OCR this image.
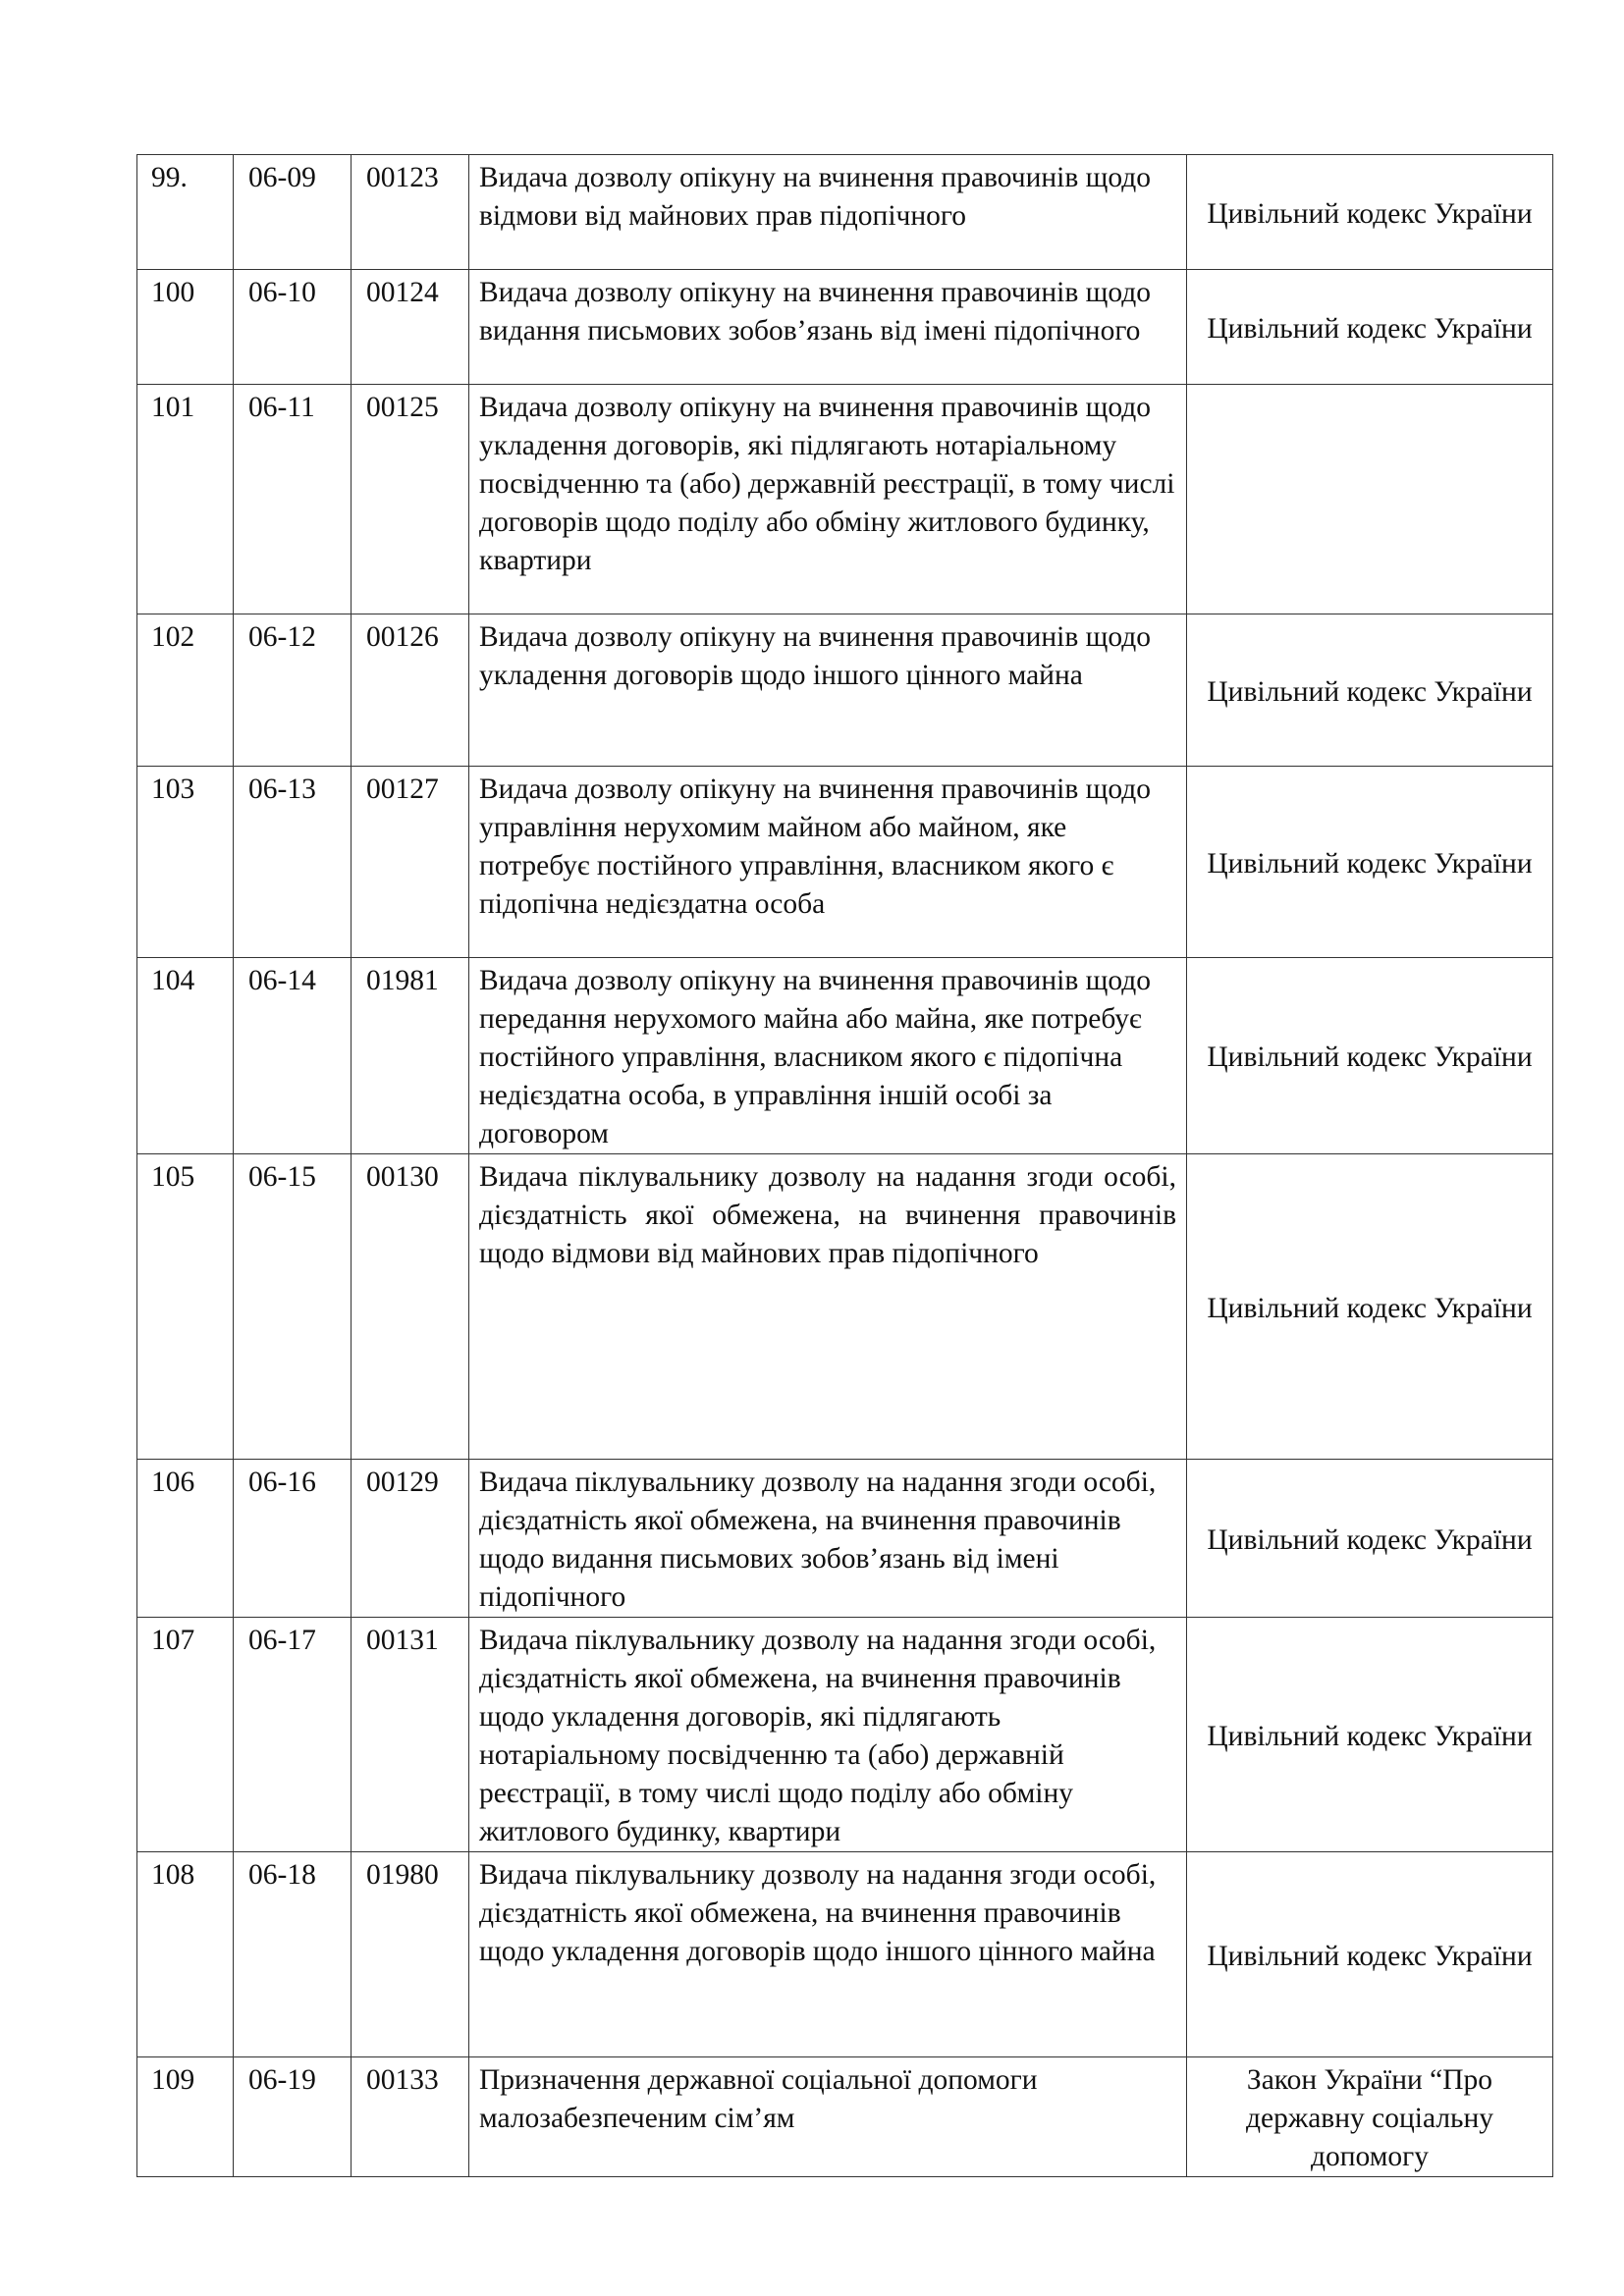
99.	06-09	00123	Видача дозволу опікуну на вчинення правочинів щодо відмови від майнових прав підопічного	Цивільний кодекс України
100	06-10	00124	Видача дозволу опікуну на вчинення правочинів щодо видання письмових зобов’язань від імені підопічного	Цивільний кодекс України
101	06-11	00125	Видача дозволу опікуну на вчинення правочинів щодо укладення договорів, які підлягають нотаріальному посвідченню та (або) державній реєстрації, в тому числі договорів щодо поділу або обміну житлового будинку, квартири	
102	06-12	00126	Видача дозволу опікуну на вчинення правочинів щодо укладення договорів щодо іншого цінного майна	Цивільний кодекс України
103	06-13	00127	Видача дозволу опікуну на вчинення правочинів щодо управління нерухомим майном або майном, яке потребує постійного управління, власником якого є підопічна недієздатна особа	Цивільний кодекс України
104	06-14	01981	Видача дозволу опікуну на вчинення правочинів щодо передання нерухомого майна або майна, яке потребує постійного управління, власником якого є підопічна недієздатна особа, в управління іншій особі за договором	Цивільний кодекс України
105	06-15	00130	Видача піклувальнику дозволу на надання згоди особі, дієздатність якої обмежена, на вчинення правочинів щодо відмови від майнових прав підопічного	Цивільний кодекс України
106	06-16	00129	Видача піклувальнику дозволу на надання згоди особі, дієздатність якої обмежена, на вчинення правочинів щодо видання письмових зобов’язань від імені підопічного	Цивільний кодекс України
107	06-17	00131	Видача піклувальнику дозволу на надання згоди особі, дієздатність якої обмежена, на вчинення правочинів щодо укладення договорів, які підлягають нотаріальному посвідченню та (або) державній реєстрації, в тому числі щодо поділу або обміну житлового будинку, квартири	Цивільний кодекс України
108	06-18	01980	Видача піклувальнику дозволу на надання згоди особі, дієздатність якої обмежена, на вчинення правочинів щодо укладення договорів щодо іншого цінного майна	Цивільний кодекс України
109	06-19	00133	Призначення державної соціальної допомоги малозабезпеченим сім’ям	Закон України “Про державну соціальну допомогу
